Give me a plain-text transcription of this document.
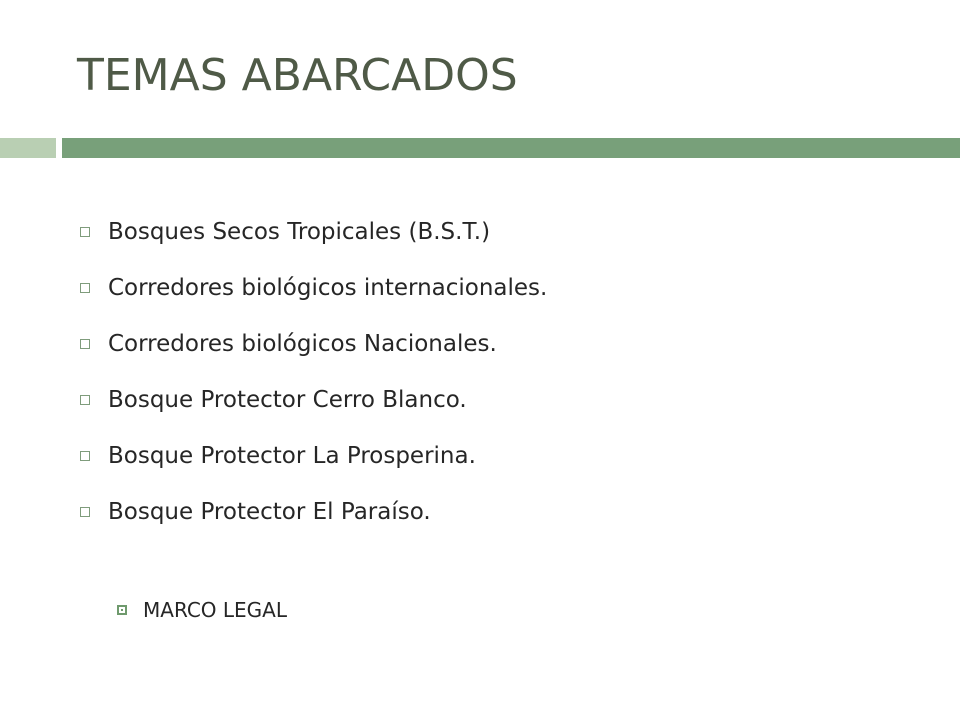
TEMAS ABARCADOS
Bosques Secos Tropicales (B.S.T.)
Corredores biológicos internacionales.
Corredores biológicos Nacionales.
Bosque Protector Cerro Blanco.
Bosque Protector La Prosperina.
Bosque Protector El Paraíso.
MARCO LEGAL
